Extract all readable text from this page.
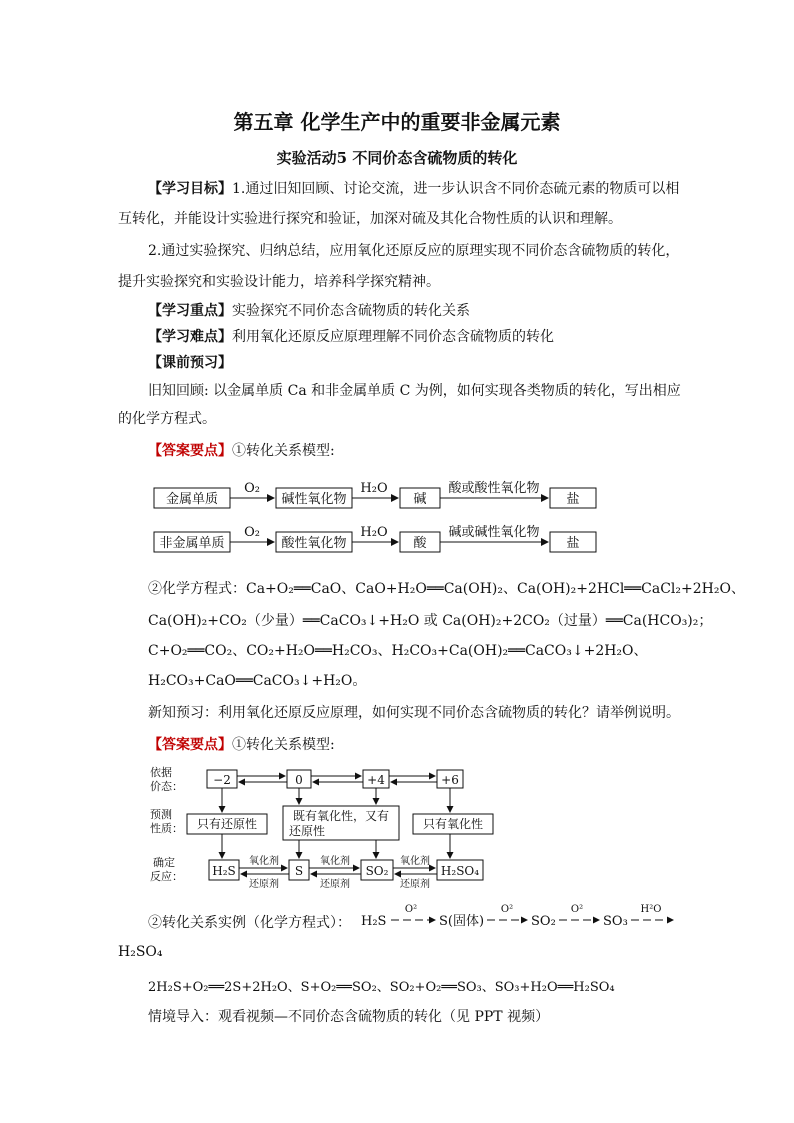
第五章 化学生产中的重要非金属元素
实验活动5 不同价态含硫物质的转化
【学习目标】1.通过旧知回顾、讨论交流，进一步认识含不同价态硫元素的物质可以相
互转化，并能设计实验进行探究和验证，加深对硫及其化合物性质的认识和理解。
2.通过实验探究、归纳总结，应用氧化还原反应的原理实现不同价态含硫物质的转化，
提升实验探究和实验设计能力，培养科学探究精神。
【学习重点】实验探究不同价态含硫物质的转化关系
【学习难点】利用氧化还原反应原理理解不同价态含硫物质的转化
【课前预习】
旧知回顾: 以金属单质 Ca 和非金属单质 C 为例，如何实现各类物质的转化，写出相应
的化学方程式。
【答案要点】①转化关系模型:
金属单质	碱性氧化物	碱	盐
非金属单质	酸性氧化物	酸	盐
O₂	H₂O	酸或酸性氧化物
O₂	H₂O	碱或碱性氧化物
②化学方程式：Ca+O₂══CaO、CaO+H₂O══Ca(OH)₂、Ca(OH)₂+2HCl══CaCl₂+2H₂O、
Ca(OH)₂+CO₂（少量）══CaCO₃↓+H₂O 或 Ca(OH)₂+2CO₂（过量）══Ca(HCO₃)₂；
C+O₂══CO₂、CO₂+H₂O══H₂CO₃、H₂CO₃+Ca(OH)₂══CaCO₃↓+2H₂O、
H₂CO₃+CaO══CaCO₃↓+H₂O。
新知预习：利用氧化还原反应原理，如何实现不同价态含硫物质的转化？请举例说明。
【答案要点】①转化关系模型:
依据
价态：
预测
性质：
确定
反应：
−2	0	+4	+6
只有还原性
既有氧化性，又有
还原性	只有氧化性
H₂S	S	SO₂	H₂SO₄
氧化剂
还原剂
氧化剂
还原剂
氧化剂
还原剂
②转化关系实例（化学方程式）： H₂S	S(固体)	SO₂	SO₃
O²	O²	O²	H²O
H₂SO₄
2H₂S+O₂══2S+2H₂O、S+O₂══SO₂、SO₂+O₂══SO₃、SO₃+H₂O══H₂SO₄
情境导入：观看视频—不同价态含硫物质的转化（见 PPT 视频）
